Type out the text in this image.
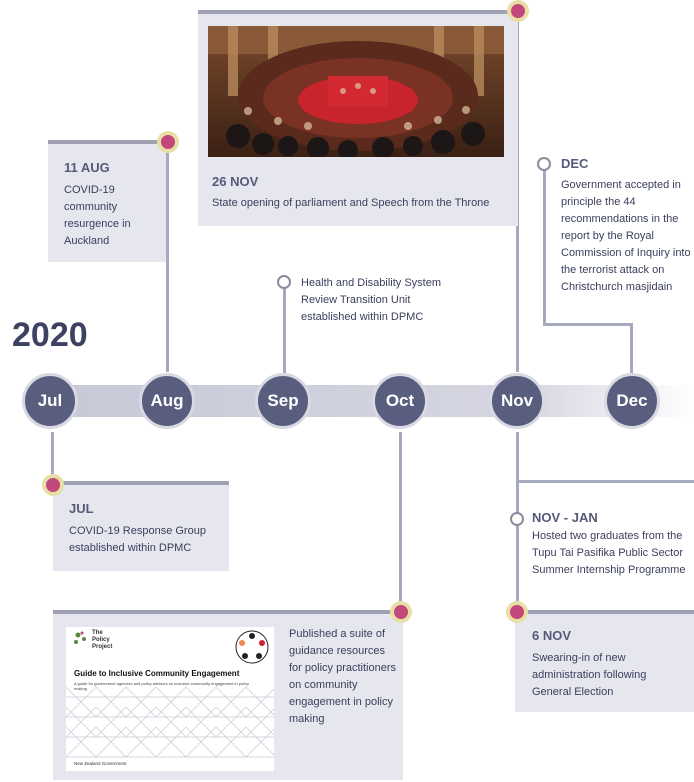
2020
11 AUG
COVID-19 community resurgence in Auckland
26 NOV
State opening of parliament and Speech from the Throne
Health and Disability System Review Transition Unit established within DPMC
DEC
Government accepted in principle the 44 recommendations in the report by the Royal Commission of Inquiry into the terrorist attack on Christchurch masjidain
Jul	Aug	Sep	Oct	Nov	Dec
JUL
COVID-19 Response Group established within DPMC
The
Policy
Project
Guide to Inclusive Community Engagement
A guide for government agencies and policy advisors on inclusive community engagement in policy making
New Zealand Government
Published a suite of guidance resources for policy practitioners on community engagement in policy making
NOV - JAN
Hosted two graduates from the Tupu Tai Pasifika Public Sector Summer Internship Programme
6 NOV
Swearing-in of new administration following General Election
